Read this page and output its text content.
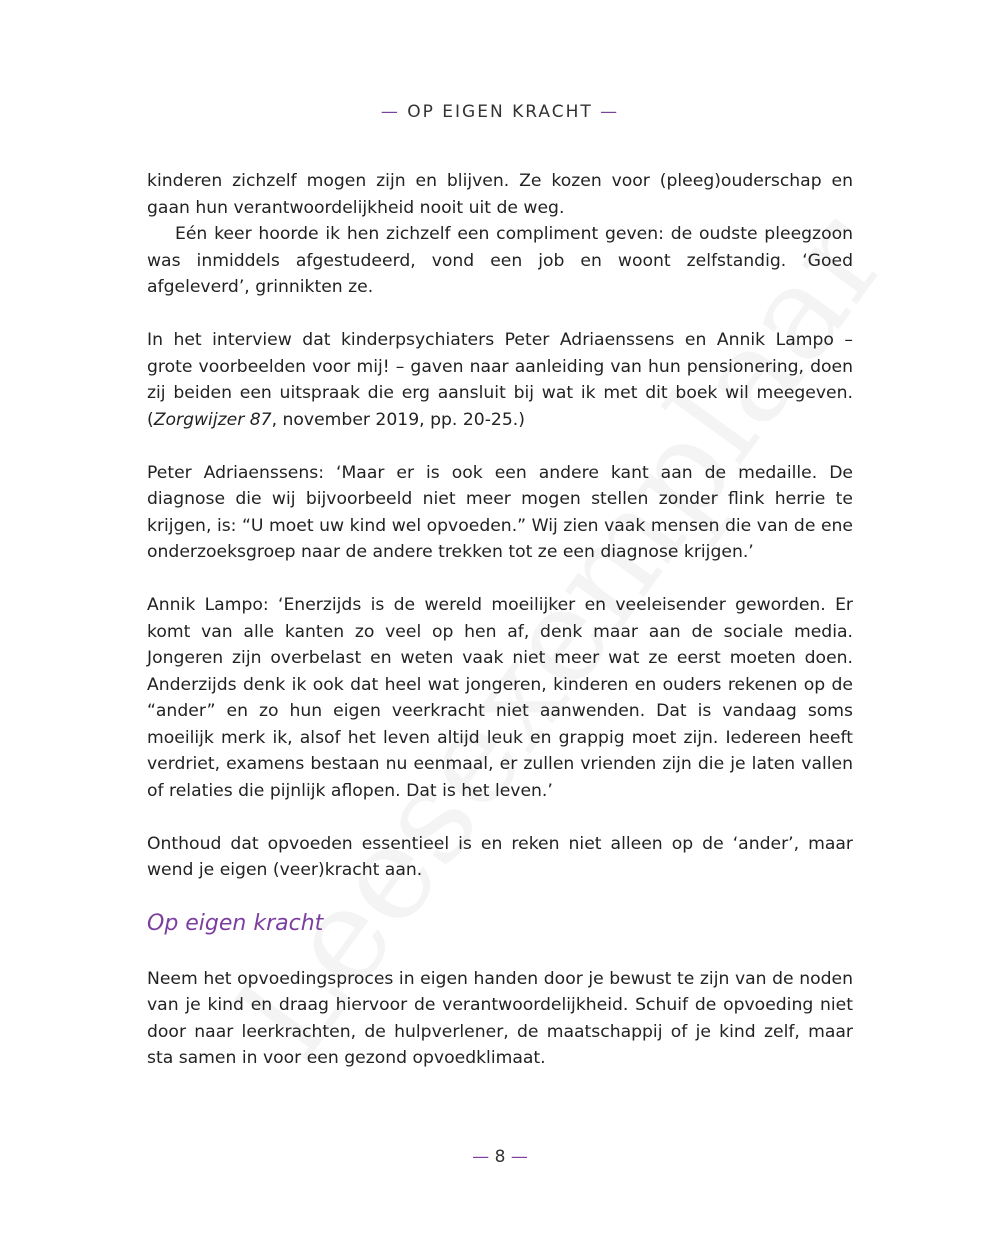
— OP EIGEN KRACHT —

kinderen zichzelf mogen zijn en blijven. Ze kozen voor (pleeg)ouderschap en gaan hun verantwoordelijkheid nooit uit de weg.

Eén keer hoorde ik hen zichzelf een compliment geven: de oudste pleegzoon was inmiddels afgestudeerd, vond een job en woont zelfstandig. ‘Goed afgeleverd’, grinnikten ze.

In het interview dat kinderpsychiaters Peter Adriaenssens en Annik Lampo – grote voorbeelden voor mij! – gaven naar aanleiding van hun pensionering, doen zij beiden een uitspraak die erg aansluit bij wat ik met dit boek wil meegeven. (Zorgwijzer 87, november 2019, pp. 20-25.)

Peter Adriaenssens: ‘Maar er is ook een andere kant aan de medaille. De diagnose die wij bijvoorbeeld niet meer mogen stellen zonder flink herrie te krijgen, is: “U moet uw kind wel opvoeden.” Wij zien vaak mensen die van de ene onderzoeksgroep naar de andere trekken tot ze een diagnose krijgen.’

Annik Lampo: ‘Enerzijds is de wereld moeilijker en veeleisender geworden. Er komt van alle kanten zo veel op hen af, denk maar aan de sociale media. Jongeren zijn overbelast en weten vaak niet meer wat ze eerst moeten doen. Anderzijds denk ik ook dat heel wat jongeren, kinderen en ouders rekenen op de “ander” en zo hun eigen veerkracht niet aanwenden. Dat is vandaag soms moeilijk merk ik, alsof het leven altijd leuk en grappig moet zijn. Iedereen heeft verdriet, examens bestaan nu eenmaal, er zullen vrienden zijn die je laten vallen of relaties die pijnlijk aflopen. Dat is het leven.’

Onthoud dat opvoeden essentieel is en reken niet alleen op de ‘ander’, maar wend je eigen (veer)kracht aan.

Op eigen kracht

Neem het opvoedingsproces in eigen handen door je bewust te zijn van de noden van je kind en draag hiervoor de verantwoordelijkheid. Schuif de opvoeding niet door naar leerkrachten, de hulpverlener, de maatschappij of je kind zelf, maar sta samen in voor een gezond opvoedklimaat.

— 8 —
